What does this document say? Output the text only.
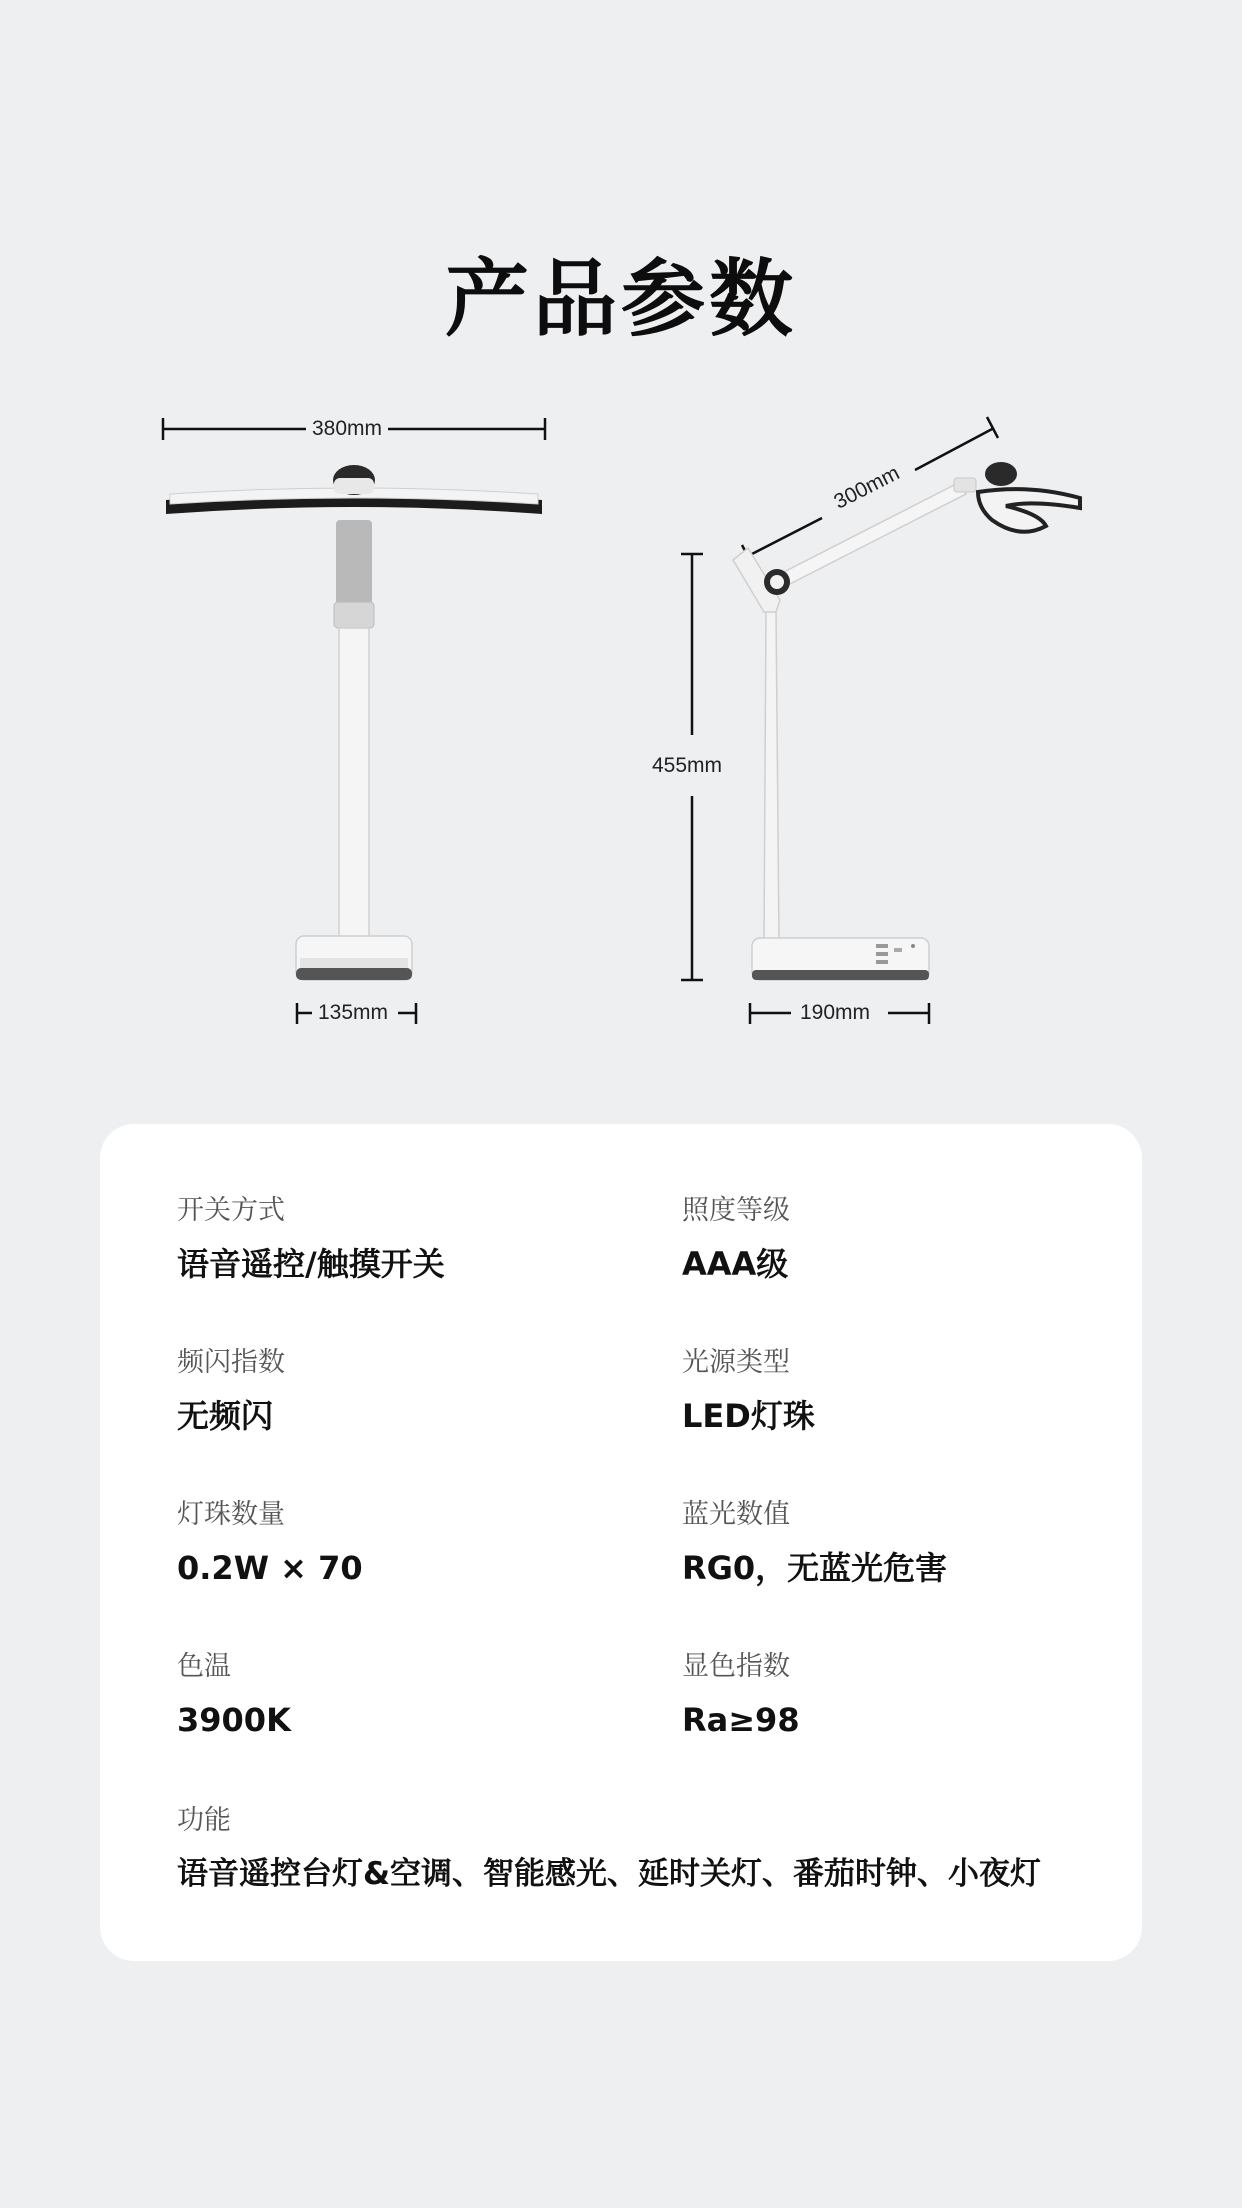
产品参数
380mm
135mm
455mm
300mm
190mm
开关方式
语音遥控/触摸开关
照度等级
AAA级
频闪指数
无频闪
光源类型
LED灯珠
灯珠数量
0.2W × 70
蓝光数值
RG0，无蓝光危害
色温
3900K
显色指数
Ra≥98
功能
语音遥控台灯&空调、智能感光、延时关灯、番茄时钟、小夜灯
